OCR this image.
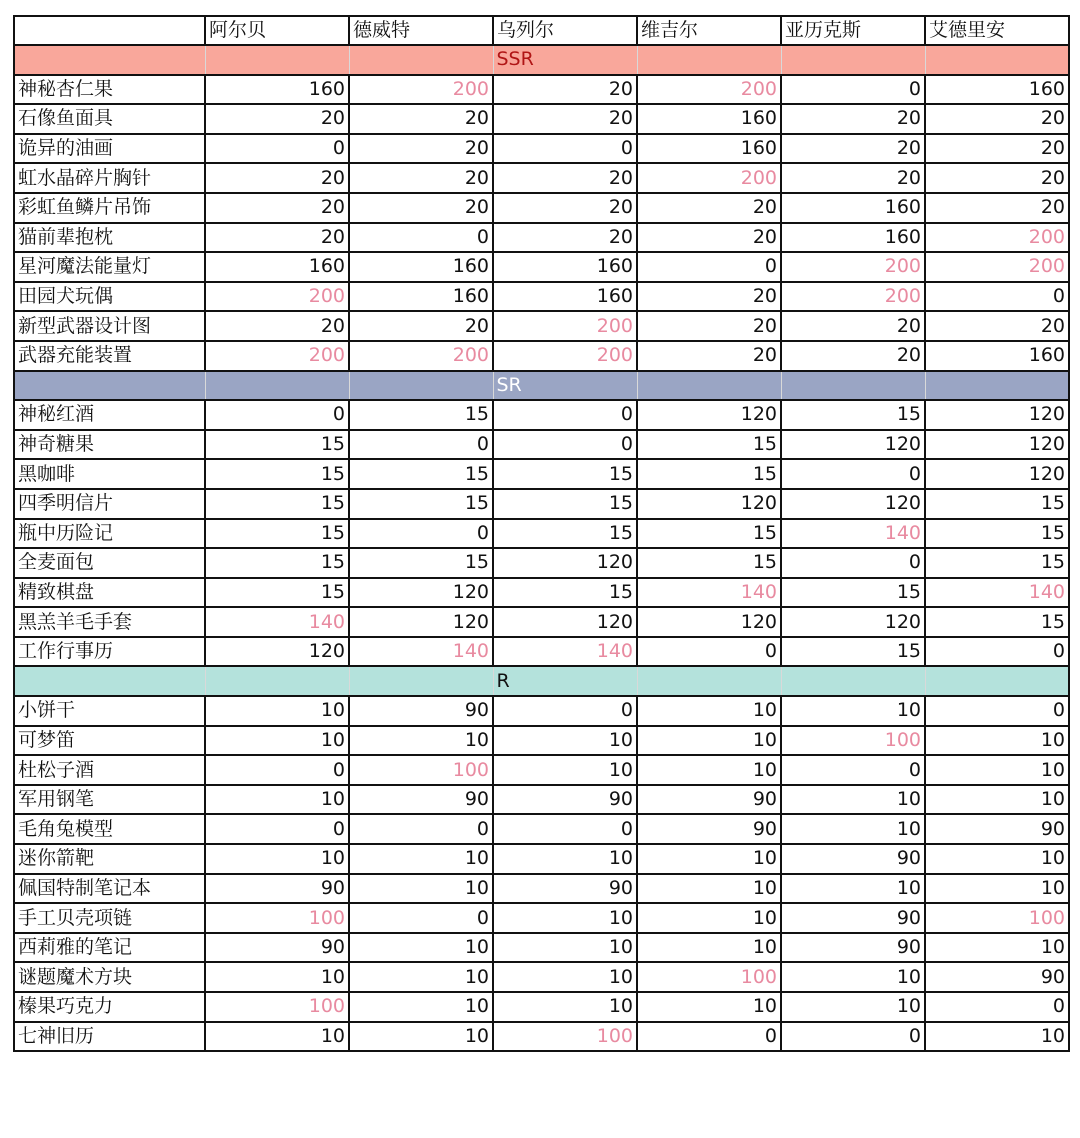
	阿尔贝	德威特	乌列尔	维吉尔	亚历克斯	艾德里安
			SSR			
神秘杏仁果	160	200	20	200	0	160
石像鱼面具	20	20	20	160	20	20
诡异的油画	0	20	0	160	20	20
虹水晶碎片胸针	20	20	20	200	20	20
彩虹鱼鳞片吊饰	20	20	20	20	160	20
猫前辈抱枕	20	0	20	20	160	200
星河魔法能量灯	160	160	160	0	200	200
田园犬玩偶	200	160	160	20	200	0
新型武器设计图	20	20	200	20	20	20
武器充能装置	200	200	200	20	20	160
			SR			
神秘红酒	0	15	0	120	15	120
神奇糖果	15	0	0	15	120	120
黑咖啡	15	15	15	15	0	120
四季明信片	15	15	15	120	120	15
瓶中历险记	15	0	15	15	140	15
全麦面包	15	15	120	15	0	15
精致棋盘	15	120	15	140	15	140
黑羔羊毛手套	140	120	120	120	120	15
工作行事历	120	140	140	0	15	0
			R			
小饼干	10	90	0	10	10	0
可梦笛	10	10	10	10	100	10
杜松子酒	0	100	10	10	0	10
军用钢笔	10	90	90	90	10	10
毛角兔模型	0	0	0	90	10	90
迷你箭靶	10	10	10	10	90	10
佩国特制笔记本	90	10	90	10	10	10
手工贝壳项链	100	0	10	10	90	100
西莉雅的笔记	90	10	10	10	90	10
谜题魔术方块	10	10	10	100	10	90
榛果巧克力	100	10	10	10	10	0
七神旧历	10	10	100	0	0	10
